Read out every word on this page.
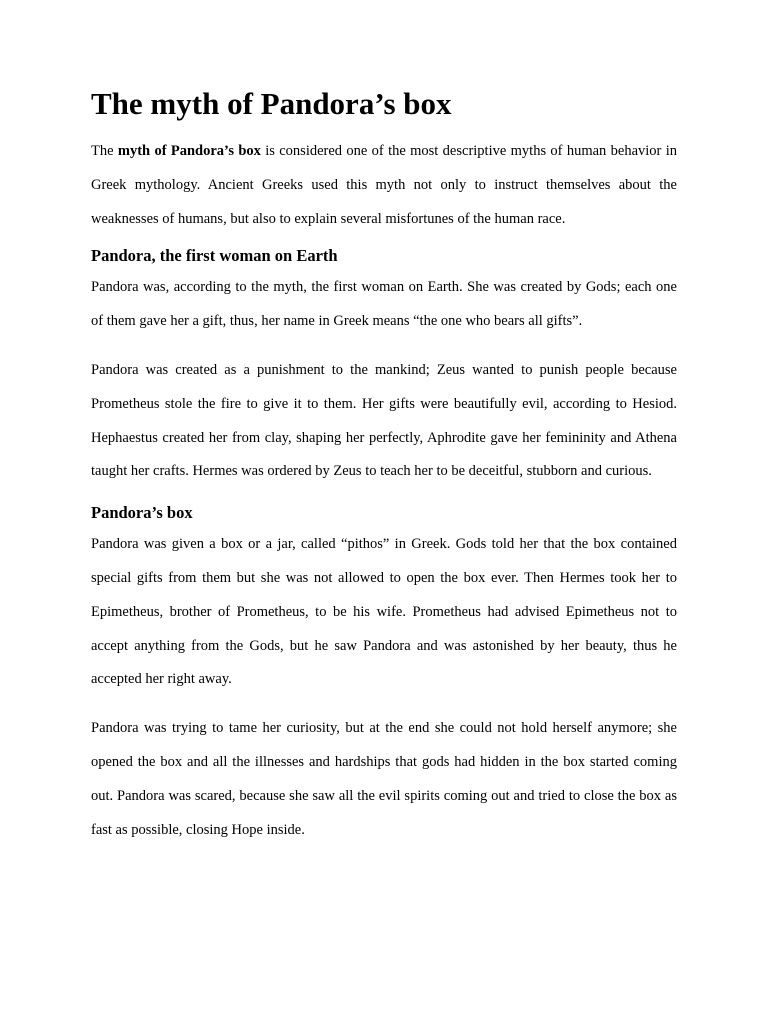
The myth of Pandora’s box

The myth of Pandora’s box is considered one of the most descriptive myths of human behavior in Greek mythology. Ancient Greeks used this myth not only to instruct themselves about the weaknesses of humans, but also to explain several misfortunes of the human race.

Pandora, the first woman on Earth

Pandora was, according to the myth, the first woman on Earth. She was created by Gods; each one of them gave her a gift, thus, her name in Greek means “the one who bears all gifts”.

Pandora was created as a punishment to the mankind; Zeus wanted to punish people because Prometheus stole the fire to give it to them. Her gifts were beautifully evil, according to Hesiod. Hephaestus created her from clay, shaping her perfectly, Aphrodite gave her femininity and Athena taught her crafts. Hermes was ordered by Zeus to teach her to be deceitful, stubborn and curious.

Pandora’s box

Pandora was given a box or a jar, called “pithos” in Greek. Gods told her that the box contained special gifts from them but she was not allowed to open the box ever. Then Hermes took her to Epimetheus, brother of Prometheus, to be his wife. Prometheus had advised Epimetheus not to accept anything from the Gods, but he saw Pandora and was astonished by her beauty, thus he accepted her right away.

Pandora was trying to tame her curiosity, but at the end she could not hold herself anymore; she opened the box and all the illnesses and hardships that gods had hidden in the box started coming out. Pandora was scared, because she saw all the evil spirits coming out and tried to close the box as fast as possible, closing Hope inside.
